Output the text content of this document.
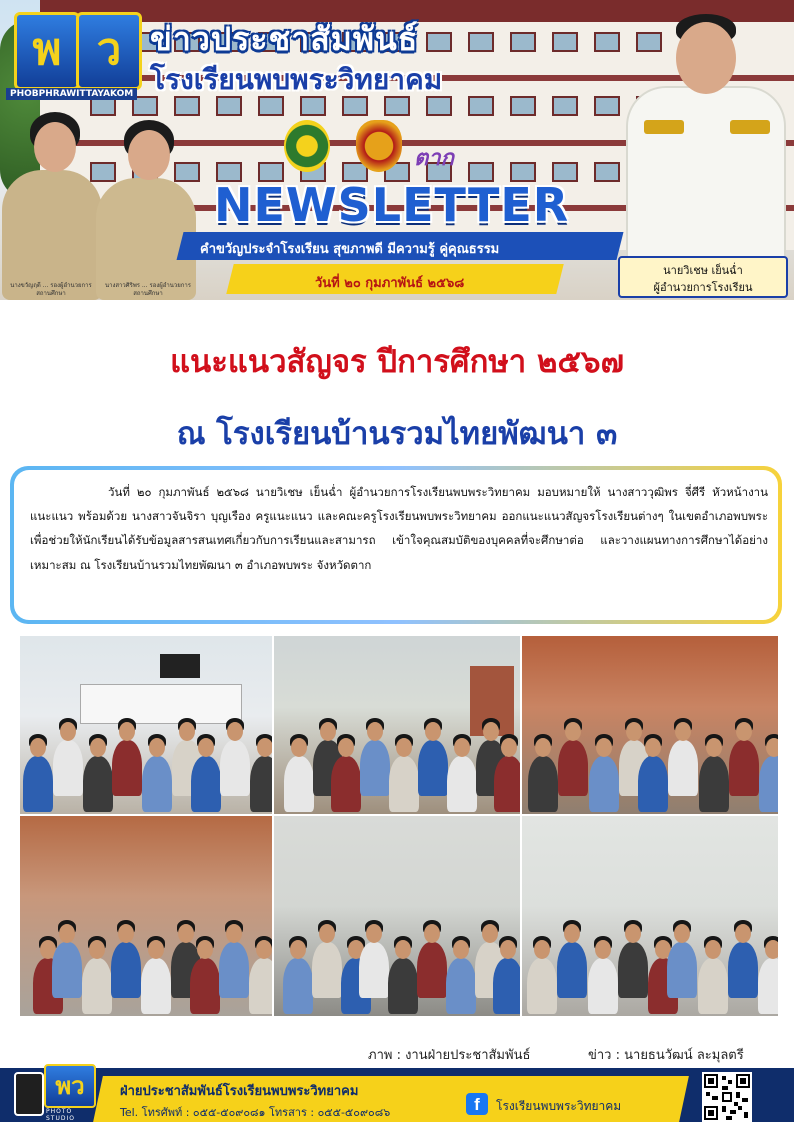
พ ว
PHOBPHRAWITTAYAKOM
ข่าวประชาสัมพันธ์
โรงเรียนพบพระวิทยาคม
ตาก
นางขวัญฤดี ... รองผู้อำนวยการสถานศึกษา
นางสาวศิริพร ... รองผู้อำนวยการสถานศึกษา
NEWSLETTER
คำขวัญประจำโรงเรียน สุขภาพดี มีความรู้ คู่คุณธรรม
วันที่ ๒๐ กุมภาพันธ์ ๒๕๖๘
นายวิเชษ เย็นฉ่ำ
ผู้อำนวยการโรงเรียน
แนะแนวสัญจร ปีการศึกษา ๒๕๖๗
ณ โรงเรียนบ้านรวมไทยพัฒนา ๓
วันที่ ๒๐ กุมภาพันธ์ ๒๕๖๘ นายวิเชษ เย็นฉ่ำ ผู้อำนวยการโรงเรียนพบพระวิทยาคม มอบหมายให้ นางสาววุฒิพร จี่ศีรี หัวหน้างานแนะแนว พร้อมด้วย นางสาวจันจิรา บุญเรือง ครูแนะแนว และคณะครูโรงเรียนพบพระวิทยาคม ออกแนะแนวสัญจรโรงเรียนต่างๆ ในเขตอำเภอพบพระ เพื่อช่วยให้นักเรียนได้รับข้อมูลสารสนเทศเกี่ยวกับการเรียนและสามารถ เข้าใจคุณสมบัติของบุคคลที่จะศึกษาต่อ และวางแผนทางการศึกษาได้อย่างเหมาะสม ณ โรงเรียนบ้านรวมไทยพัฒนา ๓ อำเภอพบพระ จังหวัดตาก
ภาพ : งานฝ่ายประชาสัมพันธ์	ข่าว : นายธนวัฒน์ ละมุลตรี
พว
PHOTO STUDIO
ฝ่ายประชาสัมพันธ์โรงเรียนพบพระวิทยาคม
Tel. โทรศัพท์ : ๐๕๕-๕๐๙๐๘๑ โทรสาร : ๐๕๕-๕๐๙๐๘๖	f	โรงเรียนพบพระวิทยาคม
